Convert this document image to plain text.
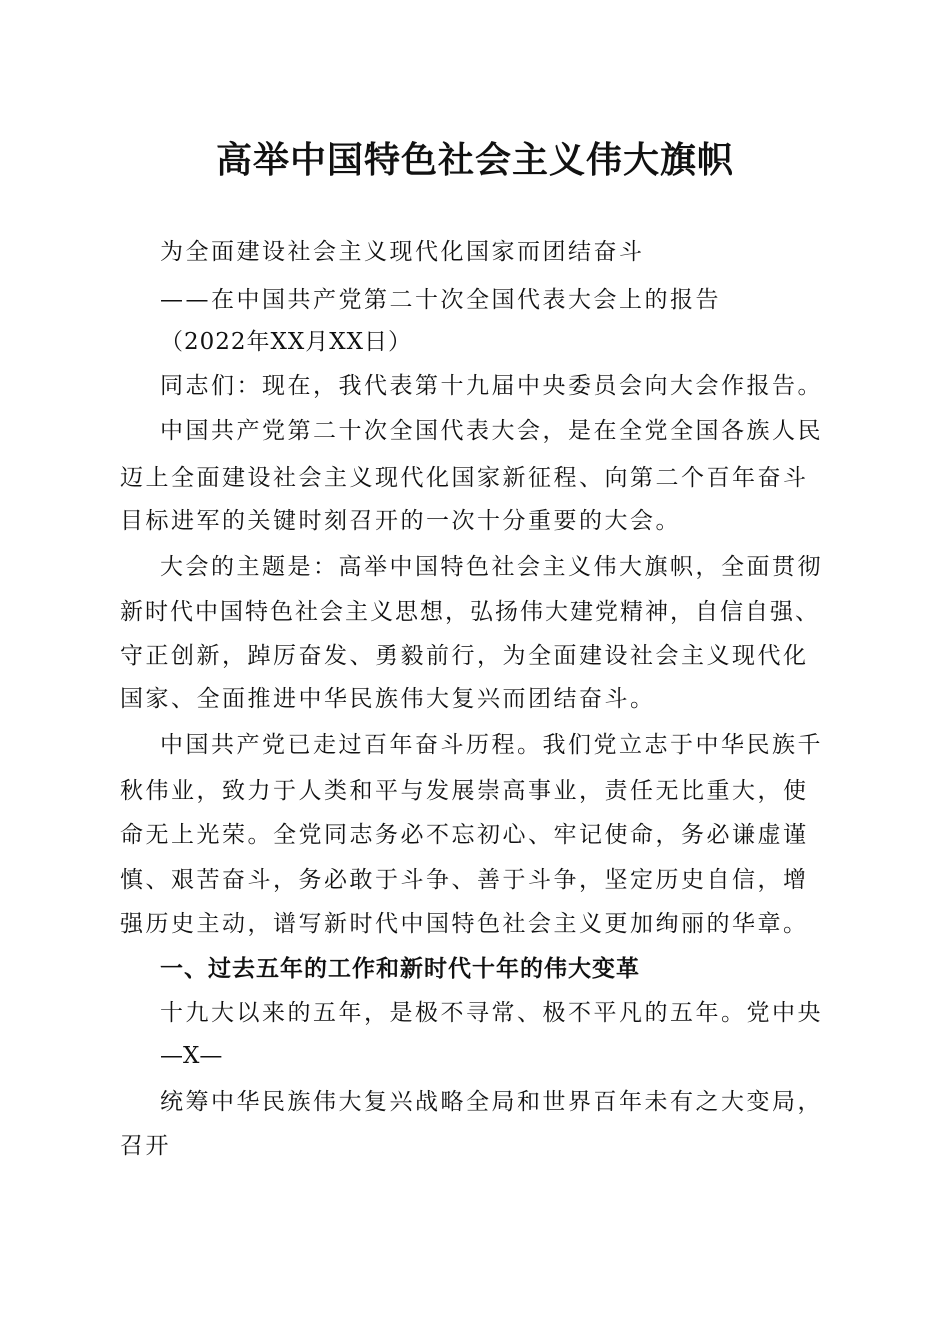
高举中国特色社会主义伟大旗帜
为全面建设社会主义现代化国家而团结奋斗
——在中国共产党第二十次全国代表大会上的报告
（2022年XX月XX日）
同志们：现在，我代表第十九届中央委员会向大会作报告。
中国共产党第二十次全国代表大会，是在全党全国各族人民
迈上全面建设社会主义现代化国家新征程、向第二个百年奋斗
目标进军的关键时刻召开的一次十分重要的大会。
大会的主题是：高举中国特色社会主义伟大旗帜，全面贯彻
新时代中国特色社会主义思想，弘扬伟大建党精神，自信自强、
守正创新，踔厉奋发、勇毅前行，为全面建设社会主义现代化
国家、全面推进中华民族伟大复兴而团结奋斗。
中国共产党已走过百年奋斗历程。我们党立志于中华民族千
秋伟业，致力于人类和平与发展崇高事业，责任无比重大，使
命无上光荣。全党同志务必不忘初心、牢记使命，务必谦虚谨
慎、艰苦奋斗，务必敢于斗争、善于斗争，坚定历史自信，增
强历史主动，谱写新时代中国特色社会主义更加绚丽的华章。
一、过去五年的工作和新时代十年的伟大变革
十九大以来的五年，是极不寻常、极不平凡的五年。党中央
—X—
统筹中华民族伟大复兴战略全局和世界百年未有之大变局，
召开
